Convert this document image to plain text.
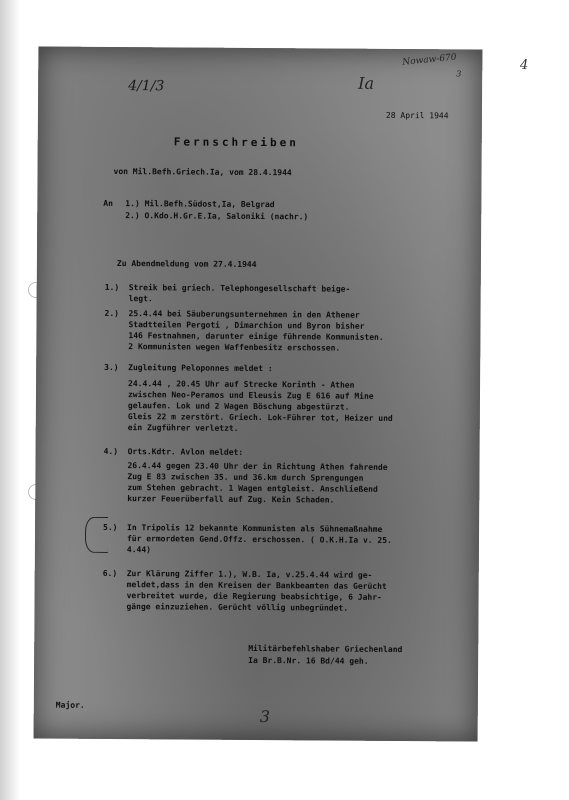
4
Nowaw-670
3
4/1/3	Ia
28 April 1944
Fernschreiben
von Mil.Befh.Griech.Ia, vom 28.4.1944
An 1.) Mil.Befh.Südost,Ia, Belgrad
2.) O.Kdo.H.Gr.E.Ia, Saloniki (nachr.)
Zu Abendmeldung vom 27.4.1944
1.) Streik bei griech. Telephongesellschaft beige-
legt.
2.) 25.4.44 bei Säuberungsunternehmen in den Athener
Stadtteilen Pergoti , Dimarchion und Byron bisher
146 Festnahmen, darunter einige führende Kommunisten.
2 Kommunisten wegen Waffenbesitz erschossen.
3.) Zugleitung Peloponnes meldet :
24.4.44 , 20.45 Uhr auf Strecke Korinth - Athen
zwischen Neo-Peramos und Eleusis Zug E 616 auf Mine
gelaufen. Lok und 2 Wagen Böschung abgestürzt.
Gleis 22 m zerstört. Griech. Lok-Führer tot, Heizer und
ein Zugführer verletzt.
4.) Orts.Kdtr. Avlon meldet:
26.4.44 gegen 23.40 Uhr der in Richtung Athen fahrende
Zug E 83 zwischen 35. und 36.km durch Sprengungen
zum Stehen gebracht. 1 Wagen entgleist. Anschließend
kurzer Feuerüberfall auf Zug. Kein Schaden.
5.) In Tripolis 12 bekannte Kommunisten als Sühnemaßnahme
für ermordeten Gend.Offz. erschossen. ( O.K.H.Ia v. 25.
4.44)
6.) Zur Klärung Ziffer 1.), W.B. Ia, v.25.4.44 wird ge-
meldet,dass in den Kreisen der Bankbeamten das Gerücht
verbreitet wurde, die Regierung beabsichtige, 6 Jahr-
gänge einzuziehen. Gerücht völlig unbegründet.
Militärbefehlshaber Griechenland
Ia Br.B.Nr. 16 Bd/44 geh.
Major.
3
